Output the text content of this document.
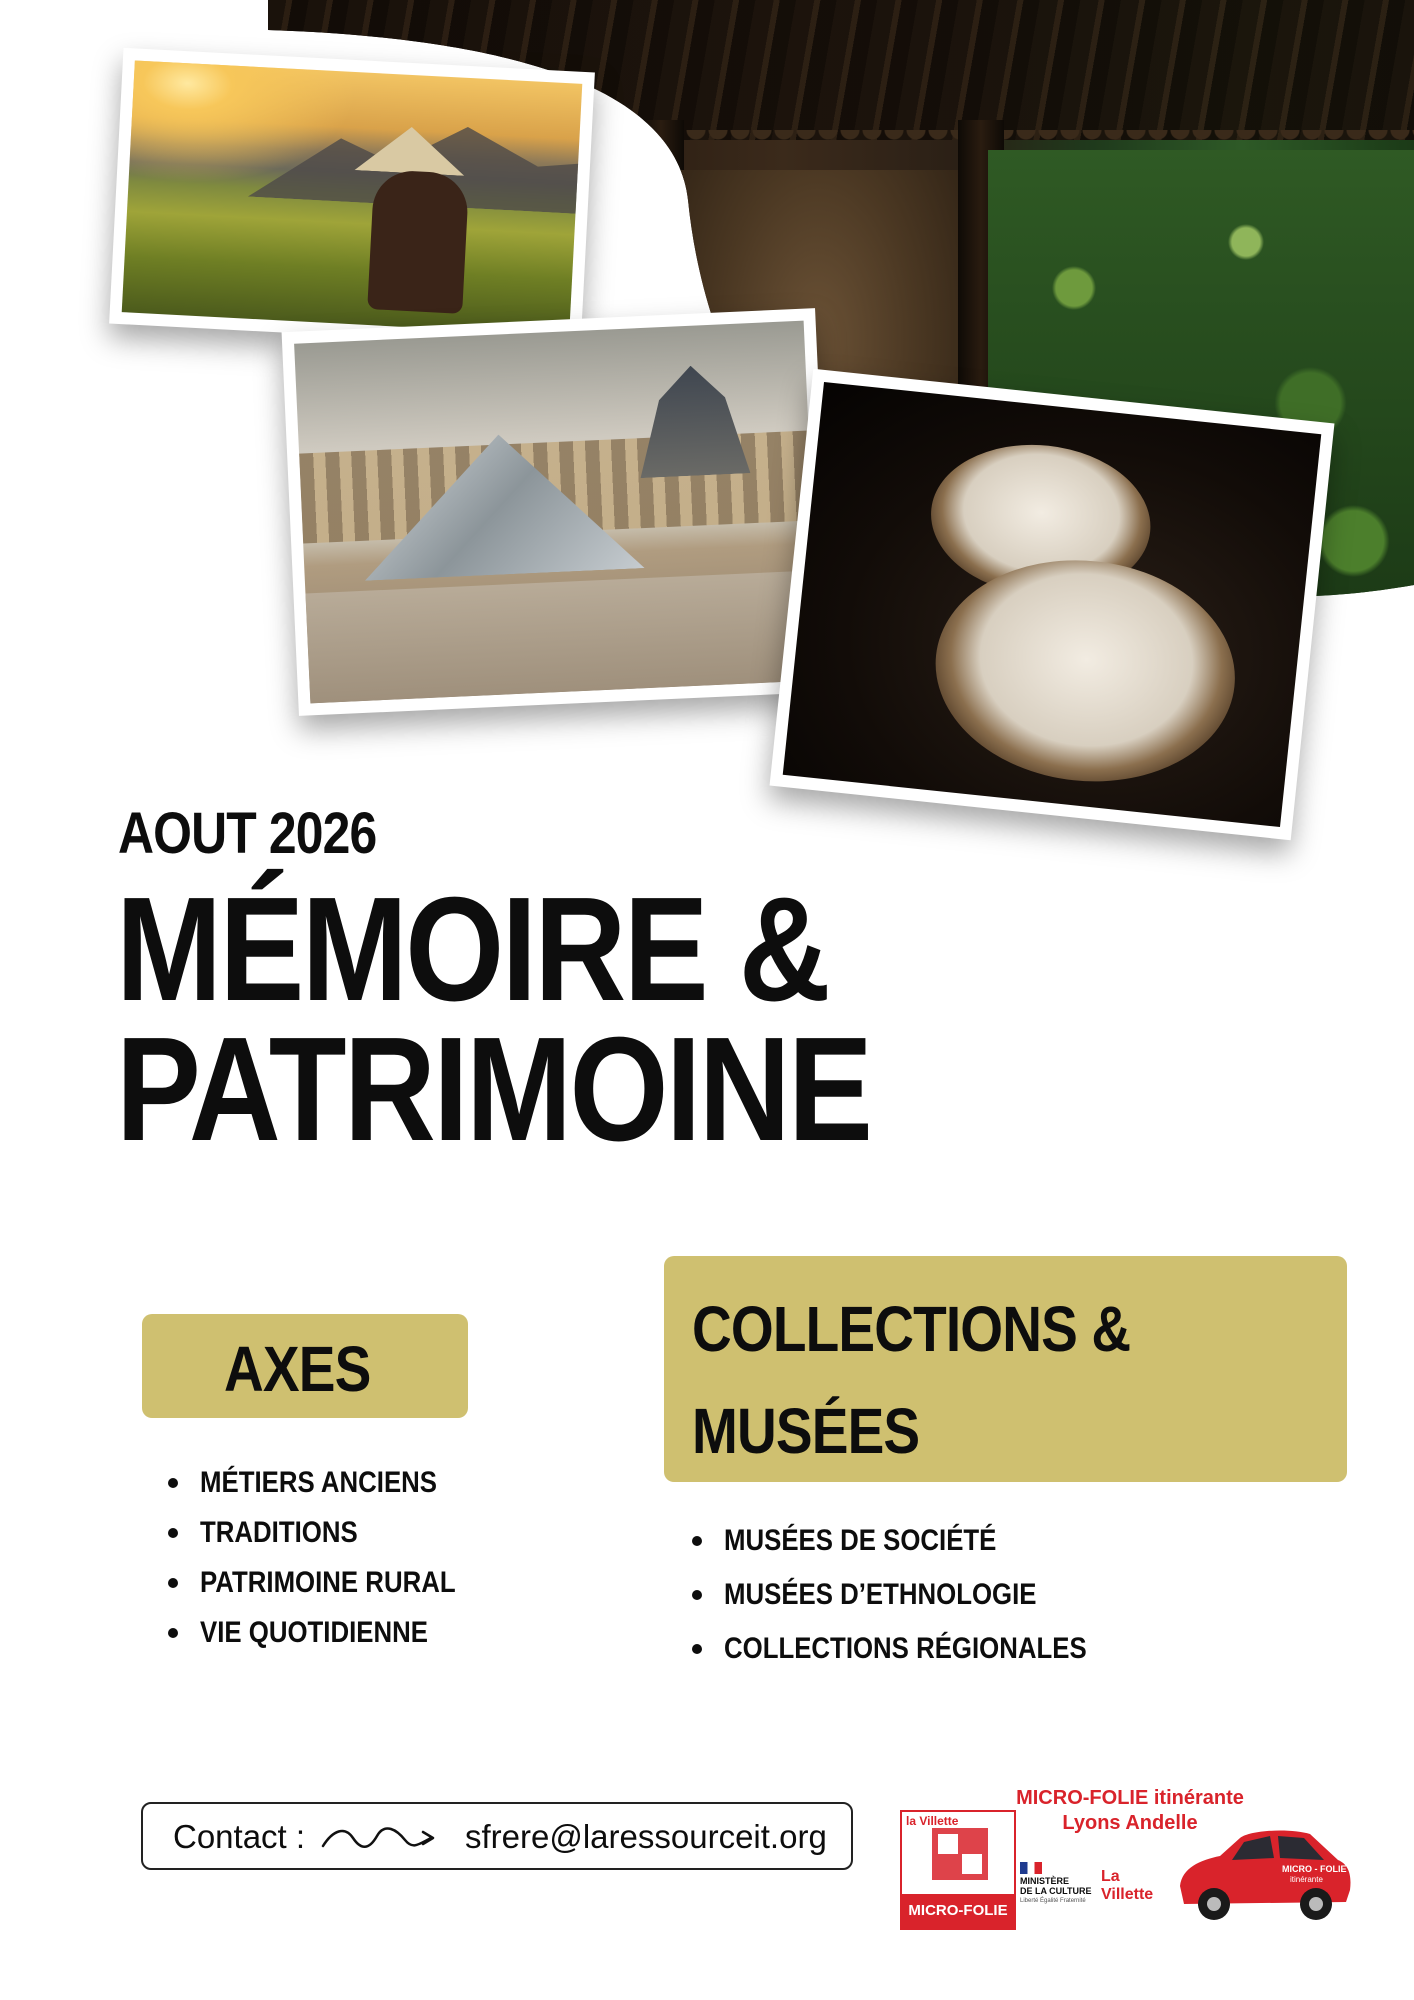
AOUT 2026
MÉMOIRE &
PATRIMOINE
AXES
MÉTIERS ANCIENS
TRADITIONS
PATRIMOINE RURAL
VIE QUOTIDIENNE
COLLECTIONS &
MUSÉES
MUSÉES DE SOCIÉTÉ
MUSÉES D’ETHNOLOGIE
COLLECTIONS RÉGIONALES
Contact :	sfrere@laressourceit.org	la Villette
MICRO-FOLIE
MICRO-FOLIE itinérante
Lyons Andelle
MINISTÈRE
DE LA CULTURE
Liberté Égalité Fraternité
La
Villette
MICRO - FOLIE
itinérante
